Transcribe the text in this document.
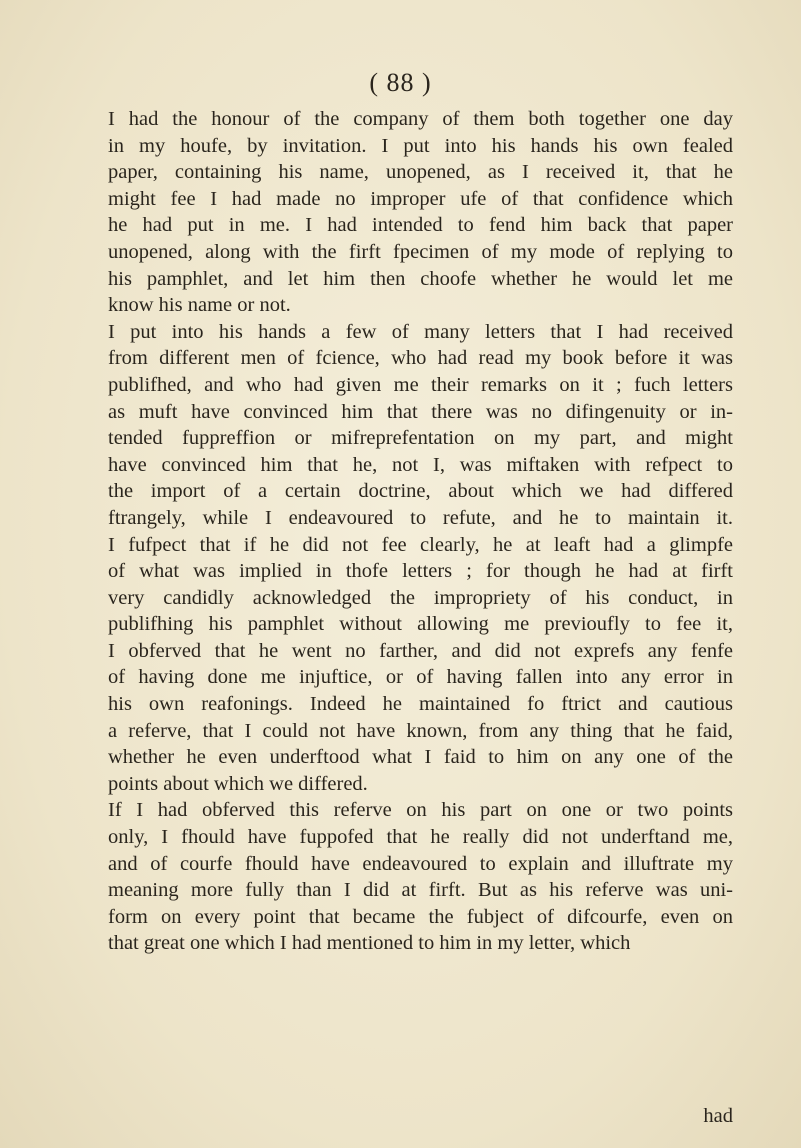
( 88 )

I had the honour of the company of them both together one day
in my houfe, by invitation. I put into his hands his own fealed
paper, containing his name, unopened, as I received it, that he
might fee I had made no improper ufe of that confidence which
he had put in me. I had intended to fend him back that paper
unopened, along with the firft fpecimen of my mode of replying to
his pamphlet, and let him then choofe whether he would let me
know his name or not.

I put into his hands a few of many letters that I had received
from different men of fcience, who had read my book before it was
publifhed, and who had given me their remarks on it ; fuch letters
as muft have convinced him that there was no difingenuity or in-
tended fuppreffion or mifreprefentation on my part, and might
have convinced him that he, not I, was miftaken with refpect to
the import of a certain doctrine, about which we had differed
ftrangely, while I endeavoured to refute, and he to maintain it.
I fufpect that if he did not fee clearly, he at leaft had a glimpfe
of what was implied in thofe letters ; for though he had at firft
very candidly acknowledged the impropriety of his conduct, in
publifhing his pamphlet without allowing me previoufly to fee it,
I obferved that he went no farther, and did not exprefs any fenfe
of having done me injuftice, or of having fallen into any error in
his own reafonings. Indeed he maintained fo ftrict and cautious
a referve, that I could not have known, from any thing that he faid,
whether he even underftood what I faid to him on any one of the
points about which we differed.

If I had obferved this referve on his part on one or two points
only, I fhould have fuppofed that he really did not underftand me,
and of courfe fhould have endeavoured to explain and illuftrate my
meaning more fully than I did at firft. But as his referve was uni-
form on every point that became the fubject of difcourfe, even on
that great one which I had mentioned to him in my letter, which

had
